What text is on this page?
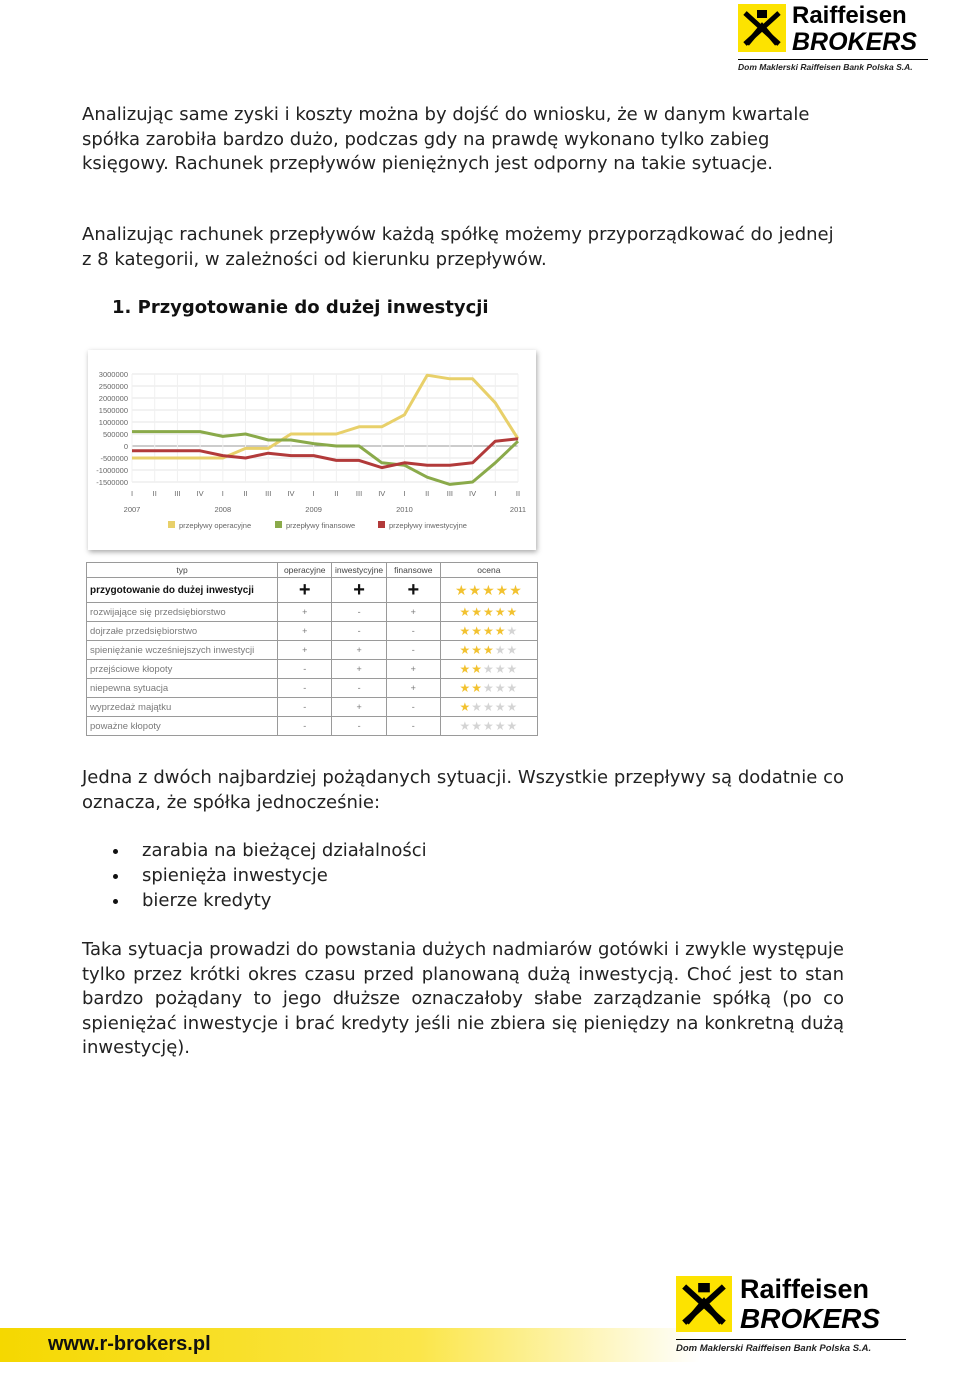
Raiffeisen
BROKERS
Dom Maklerski Raiffeisen Bank Polska S.A.

Analizując same zyski i koszty można by dojść do wniosku, że w danym kwartale spółka zarobiła bardzo dużo, podczas gdy na prawdę wykonano tylko zabieg księgowy. Rachunek przepływów pieniężnych jest odporny na takie sytuacje.

Analizując rachunek przepływów każdą spółkę możemy przyporządkować do jednej z 8 kategorii, w zależności od kierunku przepływów.

1. Przygotowanie do dużej inwestycji
3000000
2500000
2000000
1500000
1000000
500000
0
-500000
-1000000
-1500000
I	II III IV I	II III IV I	II III IV I	II III IV I	II
2007	2008	2009	2010	2011
przepływy operacyjne	przepływy finansowe	przepływy inwestycyjne
typ	operacyjne	inwestycyjne	finansowe	ocena
przygotowanie do dużej inwestycji	+	+	+	★★★★★
rozwijające się przedsiębiorstwo	+	-	+	★★★★★
dojrzałe przedsiębiorstwo	+	-	-	★★★★★
spieniężanie wcześniejszych inwestycji	+	+	-	★★★★★
przejściowe kłopoty	-	+	+	★★★★★
niepewna sytuacja	-	-	+	★★★★★
wyprzedaż majątku	-	+	-	★★★★★
poważne kłopoty	-	-	-	★★★★★

Jedna z dwóch najbardziej pożądanych sytuacji. Wszystkie przepływy są dodatnie co oznacza, że spółka jednocześnie:

zarabia na bieżącej działalności
spienięża inwestycje
bierze kredyty

Taka sytuacja prowadzi do powstania dużych nadmiarów gotówki i zwykle występuje tylko przez krótki okres czasu przed planowaną dużą inwestycją. Choć jest to stan bardzo pożądany to jego dłuższe oznaczałoby słabe zarządzanie spółką (po co spieniężać inwestycje i brać kredyty jeśli nie zbiera się pieniędzy na konkretną dużą inwestycję).

www.r-brokers.pl
Raiffeisen
BROKERS
Dom Maklerski Raiffeisen Bank Polska S.A.
